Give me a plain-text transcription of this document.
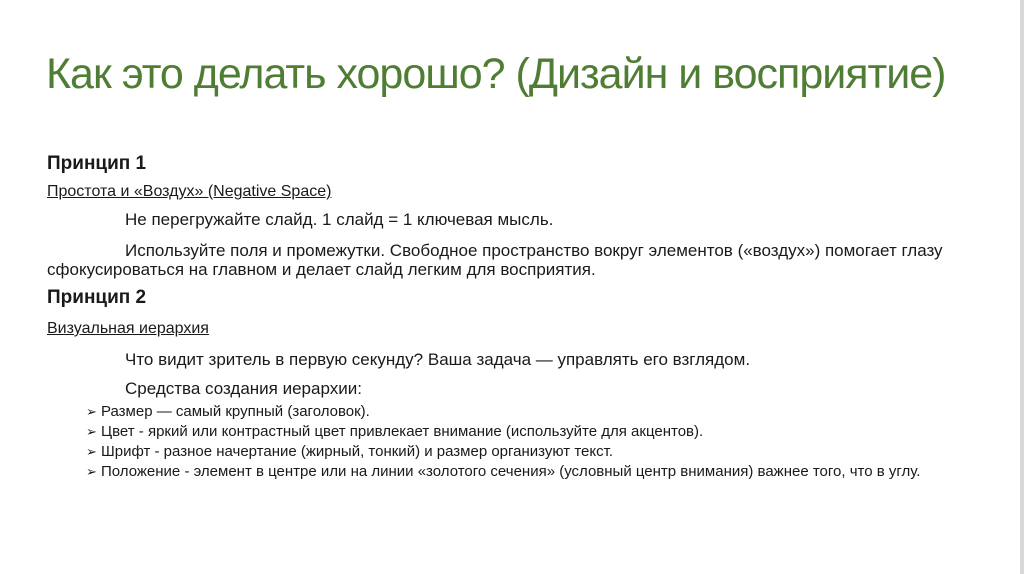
Как это делать хорошо? (Дизайн и восприятие)

Принцип 1

Простота и «Воздух» (Negative Space)

Не перегружайте слайд. 1 слайд = 1 ключевая мысль.

Используйте поля и промежутки. Свободное пространство вокруг элементов («воздух») помогает глазу сфокусироваться на главном и делает слайд легким для восприятия.

Принцип 2

Визуальная иерархия

Что видит зритель в первую секунду? Ваша задача — управлять его взглядом.

Средства создания иерархии:

➢ Размер — самый крупный (заголовок).
➢ Цвет - яркий или контрастный цвет привлекает внимание (используйте для акцентов).
➢ Шрифт - разное начертание (жирный, тонкий) и размер организуют текст.
➢ Положение - элемент в центре или на линии «золотого сечения» (условный центр внимания) важнее того, что в углу.
